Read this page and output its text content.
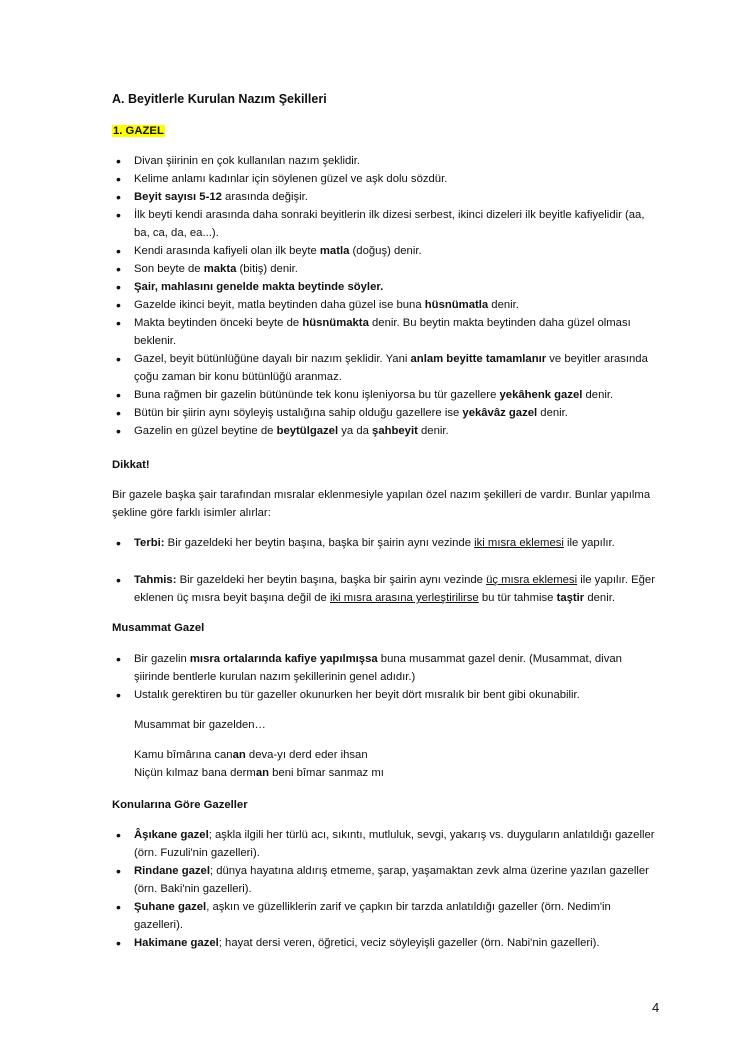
A. Beyitlerle Kurulan Nazım Şekilleri
1. GAZEL
• Divan şiirinin en çok kullanılan nazım şeklidir.
• Kelime anlamı kadınlar için söylenen güzel ve aşk dolu sözdür.
• Beyit sayısı 5-12 arasında değişir.
• İlk beyti kendi arasında daha sonraki beyitlerin ilk dizesi serbest, ikinci dizeleri ilk beyitle kafiyelidir (aa, ba, ca, da, ea...).
• Kendi arasında kafiyeli olan ilk beyte matla (doğuş) denir.
• Son beyte de makta (bitiş) denir.
• Şair, mahlasını genelde makta beytinde söyler.
• Gazelde ikinci beyit, matla beytinden daha güzel ise buna hüsnümatla denir.
• Makta beytinden önceki beyte de hüsnümakta denir. Bu beytin makta beytinden daha güzel olması beklenir.
• Gazel, beyit bütünlüğüne dayalı bir nazım şeklidir. Yani anlam beyitte tamamlanır ve beyitler arasında çoğu zaman bir konu bütünlüğü aranmaz.
• Buna rağmen bir gazelin bütününde tek konu işleniyorsa bu tür gazellere yekâhenk gazel denir.
• Bütün bir şiirin aynı söyleyiş ustalığına sahip olduğu gazellere ise yekâvâz gazel denir.
• Gazelin en güzel beytine de beytülgazel ya da şahbeyit denir.
Dikkat!

Bir gazele başka şair tarafından mısralar eklenmesiyle yapılan özel nazım şekilleri de vardır. Bunlar yapılma şekline göre farklı isimler alırlar:

• Terbi: Bir gazeldeki her beytin başına, başka bir şairin aynı vezinde iki mısra eklemesi ile yapılır.
• Tahmis: Bir gazeldeki her beytin başına, başka bir şairin aynı vezinde üç mısra eklemesi ile yapılır. Eğer eklenen üç mısra beyit başına değil de iki mısra arasına yerleştirilirse bu tür tahmise taştir denir.
Musammat Gazel
• Bir gazelin mısra ortalarında kafiye yapılmışsa buna musammat gazel denir. (Musammat, divan şiirinde bentlerle kurulan nazım şekillerinin genel adıdır.)
• Ustalık gerektiren bu tür gazeller okunurken her beyit dört mısralık bir bent gibi okunabilir.

Musammat bir gazelden…

Kamu bîmârına canan deva-yı derd eder ihsan

Niçün kılmaz bana derman beni bîmar sanmaz mı

Konularına Göre Gazeller
• Âşıkane gazel; aşkla ilgili her türlü acı, sıkıntı, mutluluk, sevgi, yakarış vs. duyguların anlatıldığı gazeller (örn. Fuzuli'nin gazelleri).
• Rindane gazel; dünya hayatına aldırış etmeme, şarap, yaşamaktan zevk alma üzerine yazılan gazeller (örn. Baki'nin gazelleri).
• Şuhane gazel, aşkın ve güzelliklerin zarif ve çapkın bir tarzda anlatıldığı gazeller (örn. Nedim'in gazelleri).
• Hakimane gazel; hayat dersi veren, öğretici, veciz söyleyişli gazeller (örn. Nabi'nin gazelleri).
4
